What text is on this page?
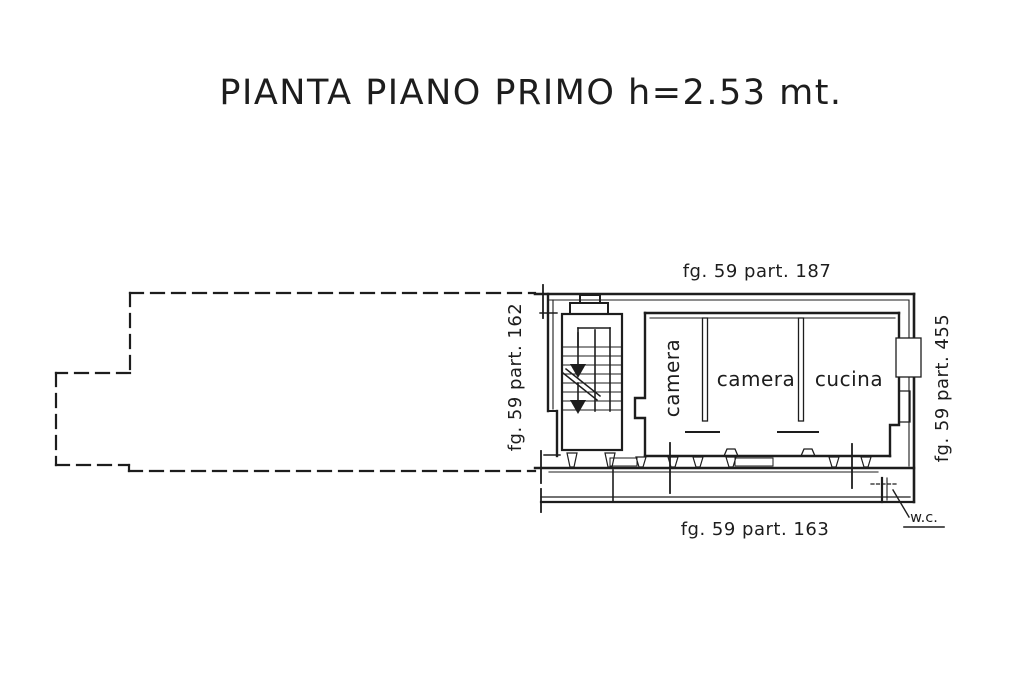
PIANTA PIANO PRIMO h=2.53 mt.
fg. 59 part. 187
fg. 59 part. 162	fg. 59 part. 455
fg. 59 part. 163
camera camera cucina
w.c.
